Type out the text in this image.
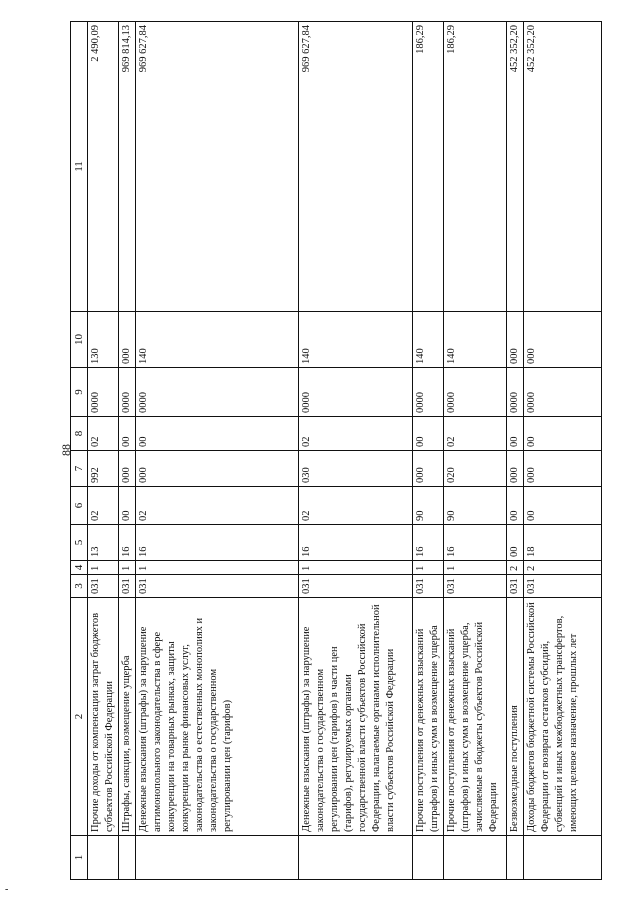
88
1	2	3	4	5	6	7	8	9	10	11
	Прочие доходы от компенсации затрат бюджетов субъектов Российской Федерации	031	1	13	02	992	02	0000	130	2 490,09
	Штрафы, санкции, возмещение ущерба	031	1	16	00	000	00	0000	000	969 814,13
	Денежные взыскания (штрафы) за нарушение антимонопольного законодательства в сфере конкуренции на товарных рынках, защиты конкуренции на рынке финансовых услуг, законодательства о естественных монополиях и законодательства о государственном регулировании цен (тарифов)	031	1	16	02	000	00	0000	140	969 627,84
	Денежные взыскания (штрафы) за нарушение законодательства о государственном регулировании цен (тарифов) в части цен (тарифов), регулируемых органами государственной власти субъектов Российской Федерации, налагаемые органами исполнительной власти субъектов Российской Федерации	031	1	16	02	030	02	0000	140	969 627,84
	Прочие поступления от денежных взысканий (штрафов) и иных сумм в возмещение ущерба	031	1	16	90	000	00	0000	140	186,29
	Прочие поступления от денежных взысканий (штрафов) и иных сумм в возмещение ущерба, зачисляемые в бюджеты субъектов Российской Федерации	031	1	16	90	020	02	0000	140	186,29
	Безвозмездные поступления	031	2	00	00	000	00	0000	000	452 352,20
	Доходы бюджетов бюджетной системы Российской Федерации от возврата остатков субсидий, субвенций и иных межбюджетных трансфертов, имеющих целевое назначение, прошлых лет	031	2	18	00	000	00	0000	000	452 352,20
-
